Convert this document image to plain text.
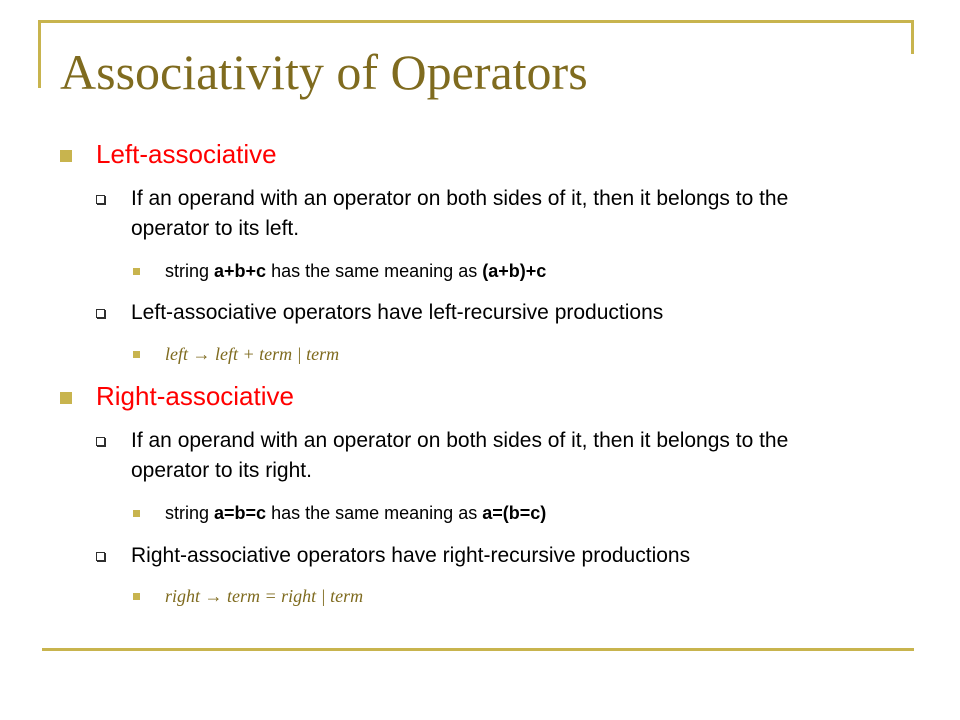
Associativity of Operators
Left-associative
If an operand with an operator on both sides of it, then it belongs to the operator to its left.
string a+b+c has the same meaning as (a+b)+c
Left-associative operators have left-recursive productions
left → left + term | term
Right-associative
If an operand with an operator on both sides of it, then it belongs to the operator to its right.
string a=b=c has the same meaning as a=(b=c)
Right-associative operators have right-recursive productions
right → term = right | term
